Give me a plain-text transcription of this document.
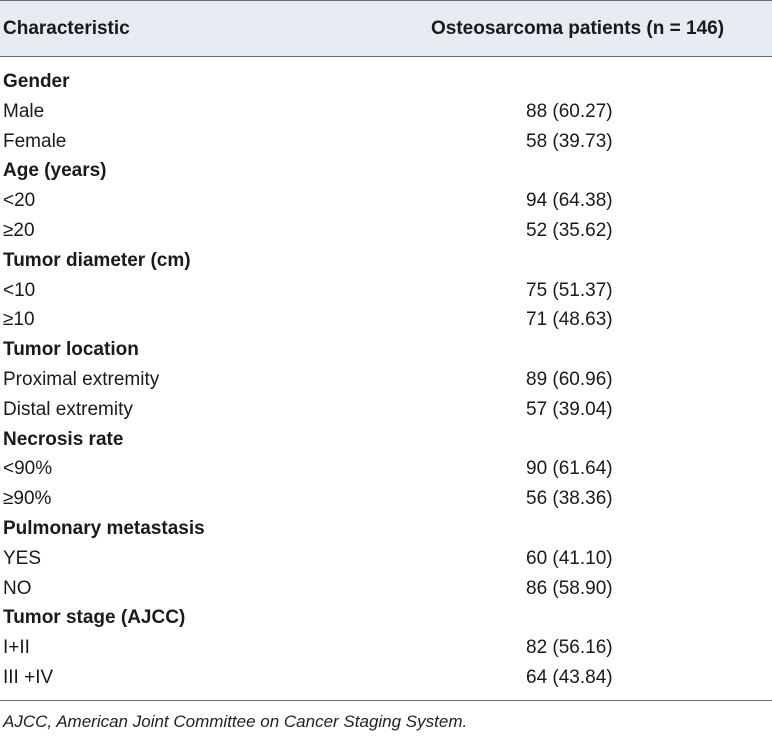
Characteristic	Osteosarcoma patients (n = 146)
Gender
Male	88 (60.27)
Female	58 (39.73)
Age (years)
<20	94 (64.38)
≥20	52 (35.62)
Tumor diameter (cm)
<10	75 (51.37)
≥10	71 (48.63)
Tumor location
Proximal extremity	89 (60.96)
Distal extremity	57 (39.04)
Necrosis rate
<90%	90 (61.64)
≥90%	56 (38.36)
Pulmonary metastasis
YES	60 (41.10)
NO	86 (58.90)
Tumor stage (AJCC)
I+II	82 (56.16)
III +IV	64 (43.84)
AJCC, American Joint Committee on Cancer Staging System.
